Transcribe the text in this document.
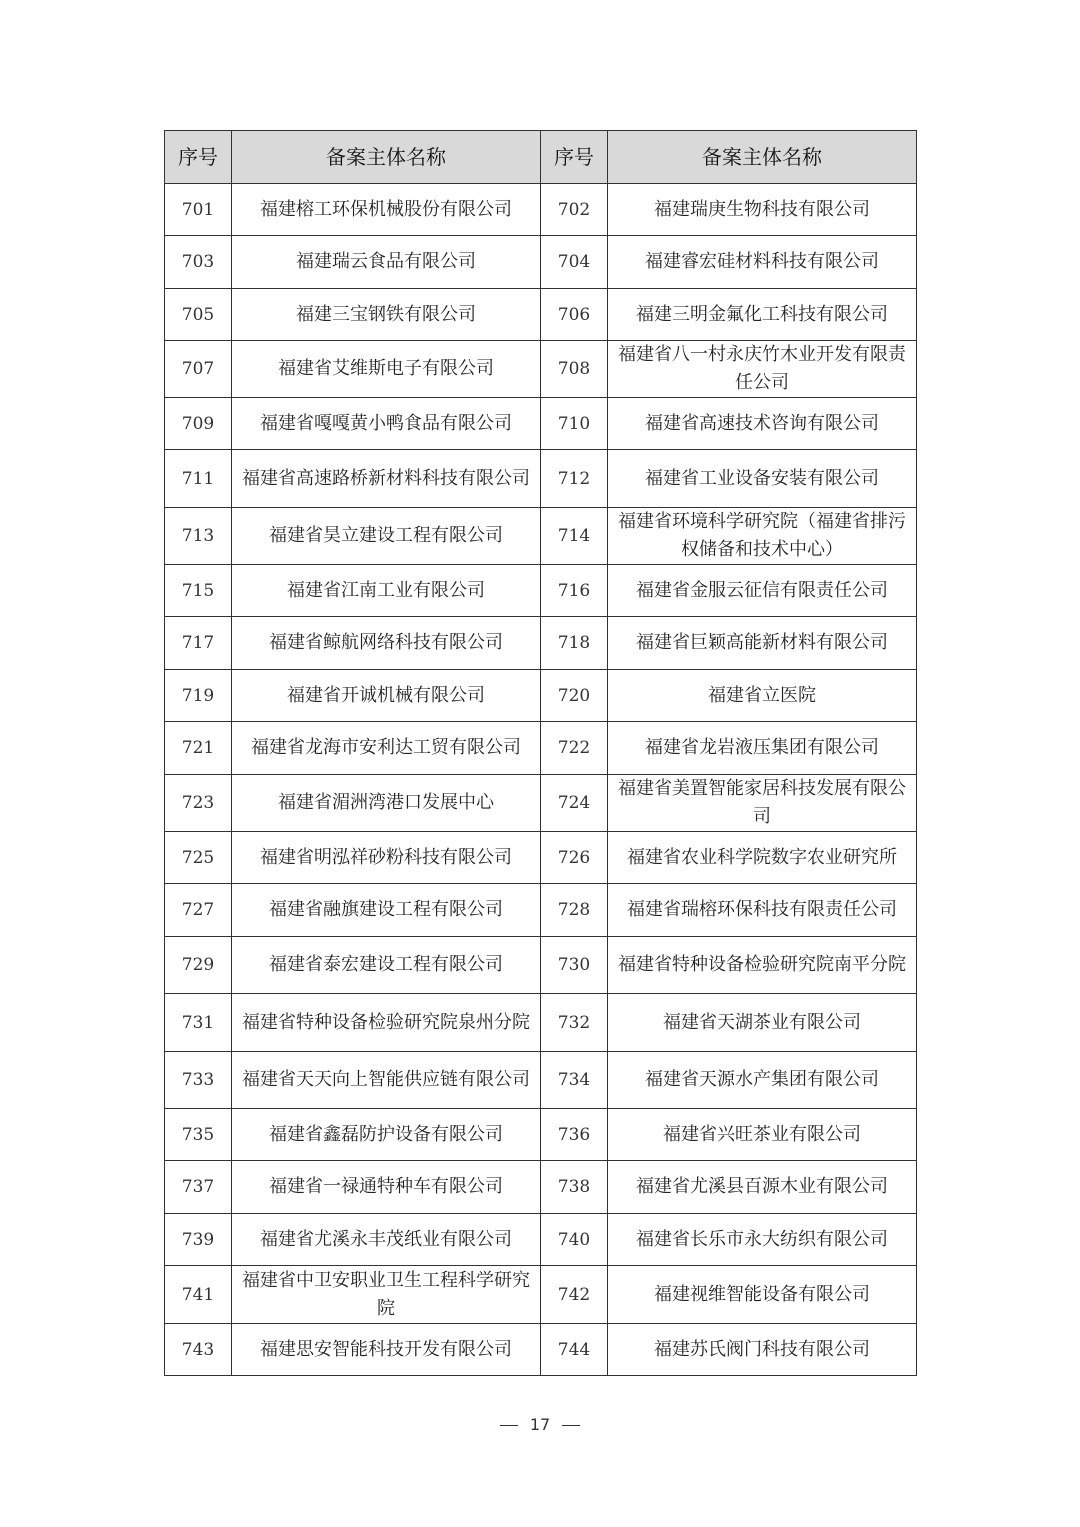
序号	备案主体名称	序号	备案主体名称
701	福建榕工环保机械股份有限公司	702	福建瑞庚生物科技有限公司
703	福建瑞云食品有限公司	704	福建睿宏硅材料科技有限公司
705	福建三宝钢铁有限公司	706	福建三明金氟化工科技有限公司
707	福建省艾维斯电子有限公司	708	福建省八一村永庆竹木业开发有限责任公司
709	福建省嘎嘎黄小鸭食品有限公司	710	福建省高速技术咨询有限公司
711	福建省高速路桥新材料科技有限公司	712	福建省工业设备安装有限公司
713	福建省昊立建设工程有限公司	714	福建省环境科学研究院（福建省排污权储备和技术中心）
715	福建省江南工业有限公司	716	福建省金服云征信有限责任公司
717	福建省鲸航网络科技有限公司	718	福建省巨颖高能新材料有限公司
719	福建省开诚机械有限公司	720	福建省立医院
721	福建省龙海市安利达工贸有限公司	722	福建省龙岩液压集团有限公司
723	福建省湄洲湾港口发展中心	724	福建省美置智能家居科技发展有限公司
725	福建省明泓祥砂粉科技有限公司	726	福建省农业科学院数字农业研究所
727	福建省融旗建设工程有限公司	728	福建省瑞榕环保科技有限责任公司
729	福建省泰宏建设工程有限公司	730	福建省特种设备检验研究院南平分院
731	福建省特种设备检验研究院泉州分院	732	福建省天湖茶业有限公司
733	福建省天天向上智能供应链有限公司	734	福建省天源水产集团有限公司
735	福建省鑫磊防护设备有限公司	736	福建省兴旺茶业有限公司
737	福建省一禄通特种车有限公司	738	福建省尤溪县百源木业有限公司
739	福建省尤溪永丰茂纸业有限公司	740	福建省长乐市永大纺织有限公司
741	福建省中卫安职业卫生工程科学研究院	742	福建视维智能设备有限公司
743	福建思安智能科技开发有限公司	744	福建苏氏阀门科技有限公司
17
